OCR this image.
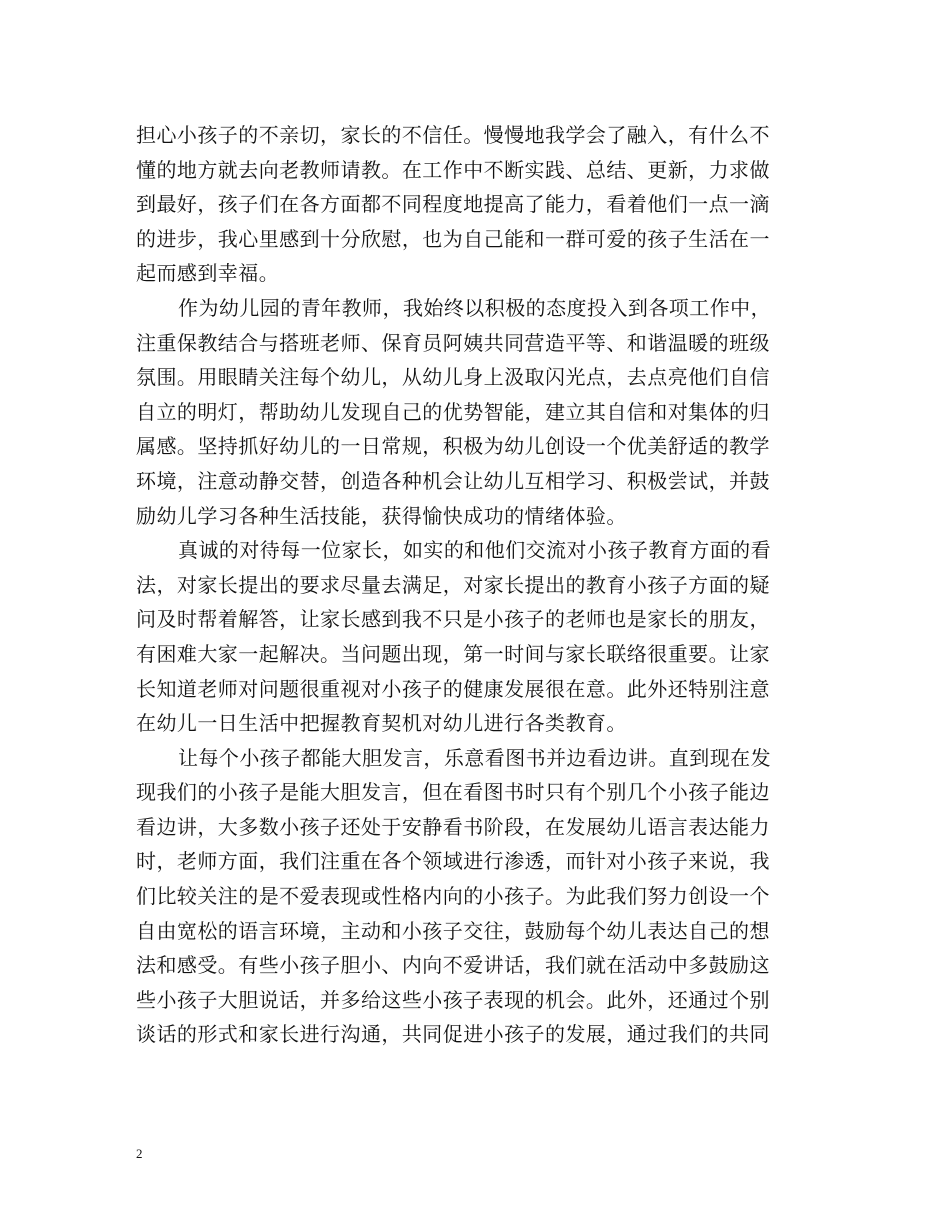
担心小孩子的不亲切，家长的不信任。慢慢地我学会了融入，有什么不
懂的地方就去向老教师请教。在工作中不断实践、总结、更新，力求做
到最好，孩子们在各方面都不同程度地提高了能力，看着他们一点一滴
的进步，我心里感到十分欣慰，也为自己能和一群可爱的孩子生活在一
起而感到幸福。
作为幼儿园的青年教师，我始终以积极的态度投入到各项工作中，
注重保教结合与搭班老师、保育员阿姨共同营造平等、和谐温暖的班级
氛围。用眼睛关注每个幼儿，从幼儿身上汲取闪光点，去点亮他们自信
自立的明灯，帮助幼儿发现自己的优势智能，建立其自信和对集体的归
属感。坚持抓好幼儿的一日常规，积极为幼儿创设一个优美舒适的教学
环境，注意动静交替，创造各种机会让幼儿互相学习、积极尝试，并鼓
励幼儿学习各种生活技能，获得愉快成功的情绪体验。
真诚的对待每一位家长，如实的和他们交流对小孩子教育方面的看
法，对家长提出的要求尽量去满足，对家长提出的教育小孩子方面的疑
问及时帮着解答，让家长感到我不只是小孩子的老师也是家长的朋友，
有困难大家一起解决。当问题出现，第一时间与家长联络很重要。让家
长知道老师对问题很重视对小孩子的健康发展很在意。此外还特别注意
在幼儿一日生活中把握教育契机对幼儿进行各类教育。
让每个小孩子都能大胆发言，乐意看图书并边看边讲。直到现在发
现我们的小孩子是能大胆发言，但在看图书时只有个别几个小孩子能边
看边讲，大多数小孩子还处于安静看书阶段，在发展幼儿语言表达能力
时，老师方面，我们注重在各个领域进行渗透，而针对小孩子来说，我
们比较关注的是不爱表现或性格内向的小孩子。为此我们努力创设一个
自由宽松的语言环境，主动和小孩子交往，鼓励每个幼儿表达自己的想
法和感受。有些小孩子胆小、内向不爱讲话，我们就在活动中多鼓励这
些小孩子大胆说话，并多给这些小孩子表现的机会。此外，还通过个别
谈话的形式和家长进行沟通，共同促进小孩子的发展，通过我们的共同
2
